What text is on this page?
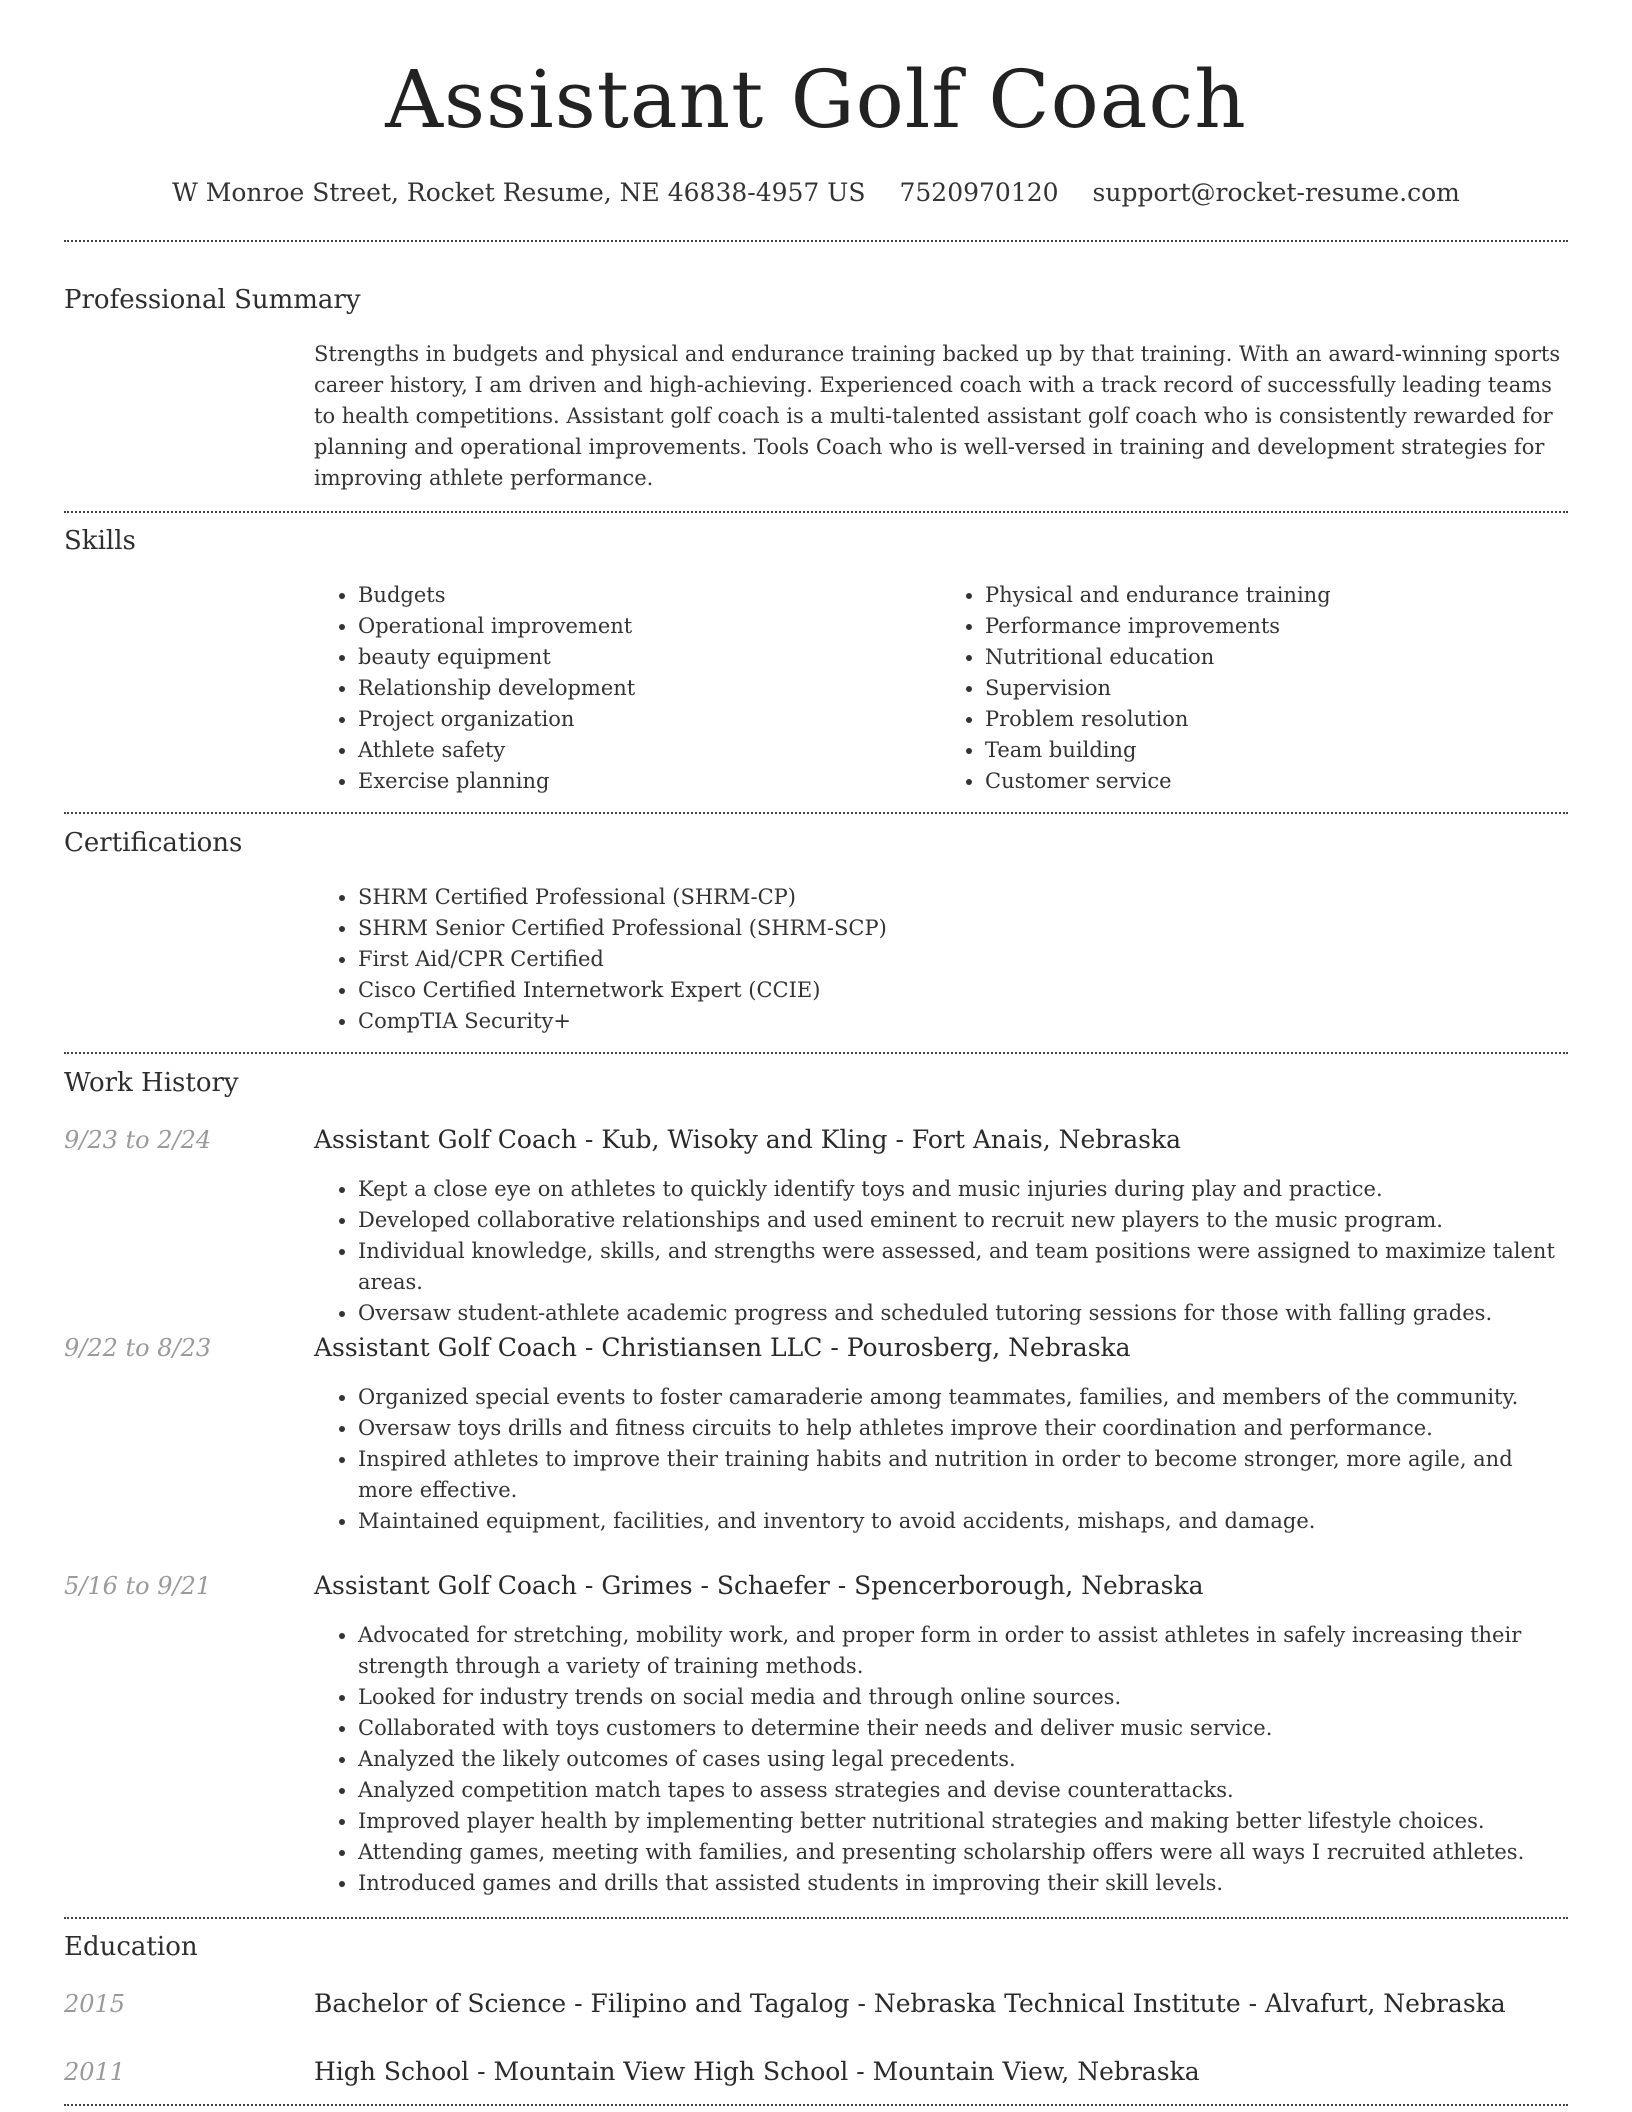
Assistant Golf Coach
W Monroe Street, Rocket Resume, NE 46838-4957 US 7520970120 support@rocket-resume.com
Professional Summary

Strengths in budgets and physical and endurance training backed up by that training. With an award-winning sports career history, I am driven and high-achieving. Experienced coach with a track record of successfully leading teams to health competitions. Assistant golf coach is a multi-talented assistant golf coach who is consistently rewarded for planning and operational improvements. Tools Coach who is well-versed in training and development strategies for improving athlete performance.

Skills
• Budgets
• Operational improvement
• beauty equipment
• Relationship development
• Project organization
• Athlete safety
• Exercise planning
• Physical and endurance training
• Performance improvements
• Nutritional education
• Supervision
• Problem resolution
• Team building
• Customer service
Certifications
• SHRM Certified Professional (SHRM-CP)
• SHRM Senior Certified Professional (SHRM-SCP)
• First Aid/CPR Certified
• Cisco Certified Internetwork Expert (CCIE)
• CompTIA Security+
Work History
9/23 to 2/24	Assistant Golf Coach - Kub, Wisoky and Kling - Fort Anais, Nebraska
• Kept a close eye on athletes to quickly identify toys and music injuries during play and practice.
• Developed collaborative relationships and used eminent to recruit new players to the music program.
• Individual knowledge, skills, and strengths were assessed, and team positions were assigned to maximize talent areas.
• Oversaw student-athlete academic progress and scheduled tutoring sessions for those with falling grades.
9/22 to 8/23	Assistant Golf Coach - Christiansen LLC - Pourosberg, Nebraska
• Organized special events to foster camaraderie among teammates, families, and members of the community.
• Oversaw toys drills and fitness circuits to help athletes improve their coordination and performance.
• Inspired athletes to improve their training habits and nutrition in order to become stronger, more agile, and more effective.
• Maintained equipment, facilities, and inventory to avoid accidents, mishaps, and damage.
5/16 to 9/21	Assistant Golf Coach - Grimes - Schaefer - Spencerborough, Nebraska
• Advocated for stretching, mobility work, and proper form in order to assist athletes in safely increasing their strength through a variety of training methods.
• Looked for industry trends on social media and through online sources.
• Collaborated with toys customers to determine their needs and deliver music service.
• Analyzed the likely outcomes of cases using legal precedents.
• Analyzed competition match tapes to assess strategies and devise counterattacks.
• Improved player health by implementing better nutritional strategies and making better lifestyle choices.
• Attending games, meeting with families, and presenting scholarship offers were all ways I recruited athletes.
• Introduced games and drills that assisted students in improving their skill levels.
Education
2015	Bachelor of Science - Filipino and Tagalog - Nebraska Technical Institute - Alvafurt, Nebraska
2011	High School - Mountain View High School - Mountain View, Nebraska
